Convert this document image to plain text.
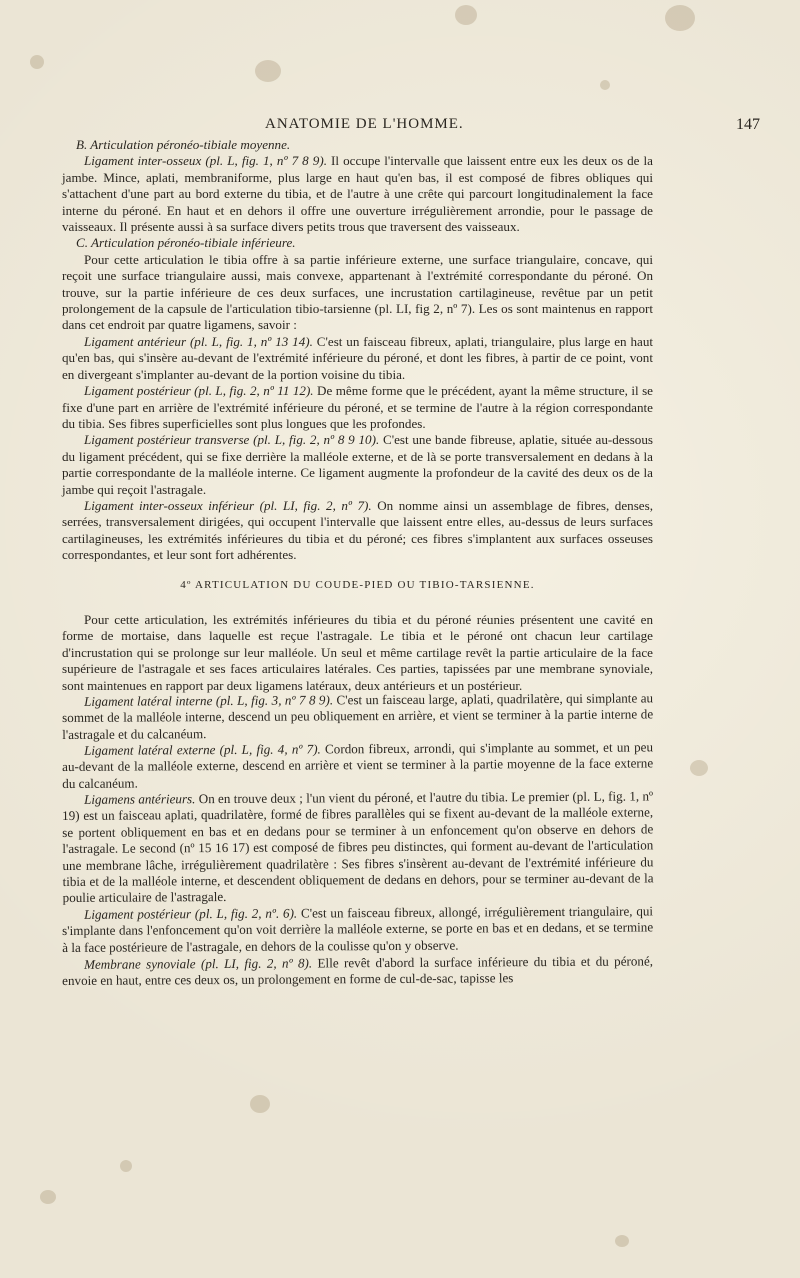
ANATOMIE DE L'HOMME.	147

B. Articulation péronéo-tibiale moyenne.

Ligament inter-osseux (pl. L, fig. 1, nº 7 8 9). Il occupe l'intervalle que laissent entre eux les deux os de la jambe. Mince, aplati, membraniforme, plus large en haut qu'en bas, il est composé de fibres obliques qui s'attachent d'une part au bord externe du tibia, et de l'autre à une crête qui parcourt longitudinalement la face interne du péroné. En haut et en dehors il offre une ouverture irrégulièrement arrondie, pour le passage de vaisseaux. Il présente aussi à sa surface divers petits trous que traversent des vaisseaux.

C. Articulation péronéo-tibiale inférieure.

Pour cette articulation le tibia offre à sa partie inférieure externe, une surface triangulaire, concave, qui reçoit une surface triangulaire aussi, mais convexe, appartenant à l'extrémité correspondante du péroné. On trouve, sur la partie inférieure de ces deux surfaces, une incrustation cartilagineuse, revêtue par un petit prolongement de la capsule de l'articulation tibio-tarsienne (pl. LI, fig 2, nº 7). Les os sont maintenus en rapport dans cet endroit par quatre ligamens, savoir :

Ligament antérieur (pl. L, fig. 1, nº 13 14). C'est un faisceau fibreux, aplati, triangulaire, plus large en haut qu'en bas, qui s'insère au-devant de l'extrémité inférieure du péroné, et dont les fibres, à partir de ce point, vont en divergeant s'implanter au-devant de la portion voisine du tibia.

Ligament postérieur (pl. L, fig. 2, nº 11 12). De même forme que le précédent, ayant la même structure, il se fixe d'une part en arrière de l'extrémité inférieure du péroné, et se termine de l'autre à la région correspondante du tibia. Ses fibres superficielles sont plus longues que les profondes.

Ligament postérieur transverse (pl. L, fig. 2, nº 8 9 10). C'est une bande fibreuse, aplatie, située au-dessous du ligament précédent, qui se fixe derrière la malléole externe, et de là se porte transversalement en dedans à la partie correspondante de la malléole interne. Ce ligament augmente la profondeur de la cavité des deux os de la jambe qui reçoit l'astragale.

Ligament inter-osseux inférieur (pl. LI, fig. 2, nº 7). On nomme ainsi un assemblage de fibres, denses, serrées, transversalement dirigées, qui occupent l'intervalle que laissent entre elles, au-dessus de leurs surfaces cartilagineuses, les extrémités inférieures du tibia et du péroné; ces fibres s'implantent aux surfaces osseuses correspondantes, et leur sont fort adhérentes.

4º ARTICULATION DU COUDE-PIED OU TIBIO-TARSIENNE.

Pour cette articulation, les extrémités inférieures du tibia et du péroné réunies présentent une cavité en forme de mortaise, dans laquelle est reçue l'astragale. Le tibia et le péroné ont chacun leur cartilage d'incrustation qui se prolonge sur leur malléole. Un seul et même cartilage revêt la partie articulaire de la face supérieure de l'astragale et ses faces articulaires latérales. Ces parties, tapissées par une membrane synoviale, sont maintenues en rapport par deux ligamens latéraux, deux antérieurs et un postérieur.

Ligament latéral interne (pl. L, fig. 3, nº 7 8 9). C'est un faisceau large, aplati, quadrilatère, qui simplante au sommet de la malléole interne, descend un peu obliquement en arrière, et vient se terminer à la partie interne de l'astragale et du calcanéum.

Ligament latéral externe (pl. L, fig. 4, nº 7). Cordon fibreux, arrondi, qui s'implante au sommet, et un peu au-devant de la malléole externe, descend en arrière et vient se terminer à la partie moyenne de la face externe du calcanéum.

Ligamens antérieurs. On en trouve deux ; l'un vient du péroné, et l'autre du tibia. Le premier (pl. L, fig. 1, nº 19) est un faisceau aplati, quadrilatère, formé de fibres parallèles qui se fixent au-devant de la malléole externe, se portent obliquement en bas et en dedans pour se terminer à un enfoncement qu'on observe en dehors de l'astragale. Le second (nº 15 16 17) est composé de fibres peu distinctes, qui forment au-devant de l'articulation une membrane lâche, irrégulièrement quadrilatère : Ses fibres s'insèrent au-devant de l'extrémité inférieure du tibia et de la malléole interne, et descendent obliquement de dedans en dehors, pour se terminer au-devant de la poulie articulaire de l'astragale.

Ligament postérieur (pl. L, fig. 2, nº. 6). C'est un faisceau fibreux, allongé, irrégulièrement triangulaire, qui s'implante dans l'enfoncement qu'on voit derrière la malléole externe, se porte en bas et en dedans, et se termine à la face postérieure de l'astragale, en dehors de la coulisse qu'on y observe.

Membrane synoviale (pl. LI, fig. 2, nº 8). Elle revêt d'abord la surface inférieure du tibia et du péroné, envoie en haut, entre ces deux os, un prolongement en forme de cul-de-sac, tapisse les
